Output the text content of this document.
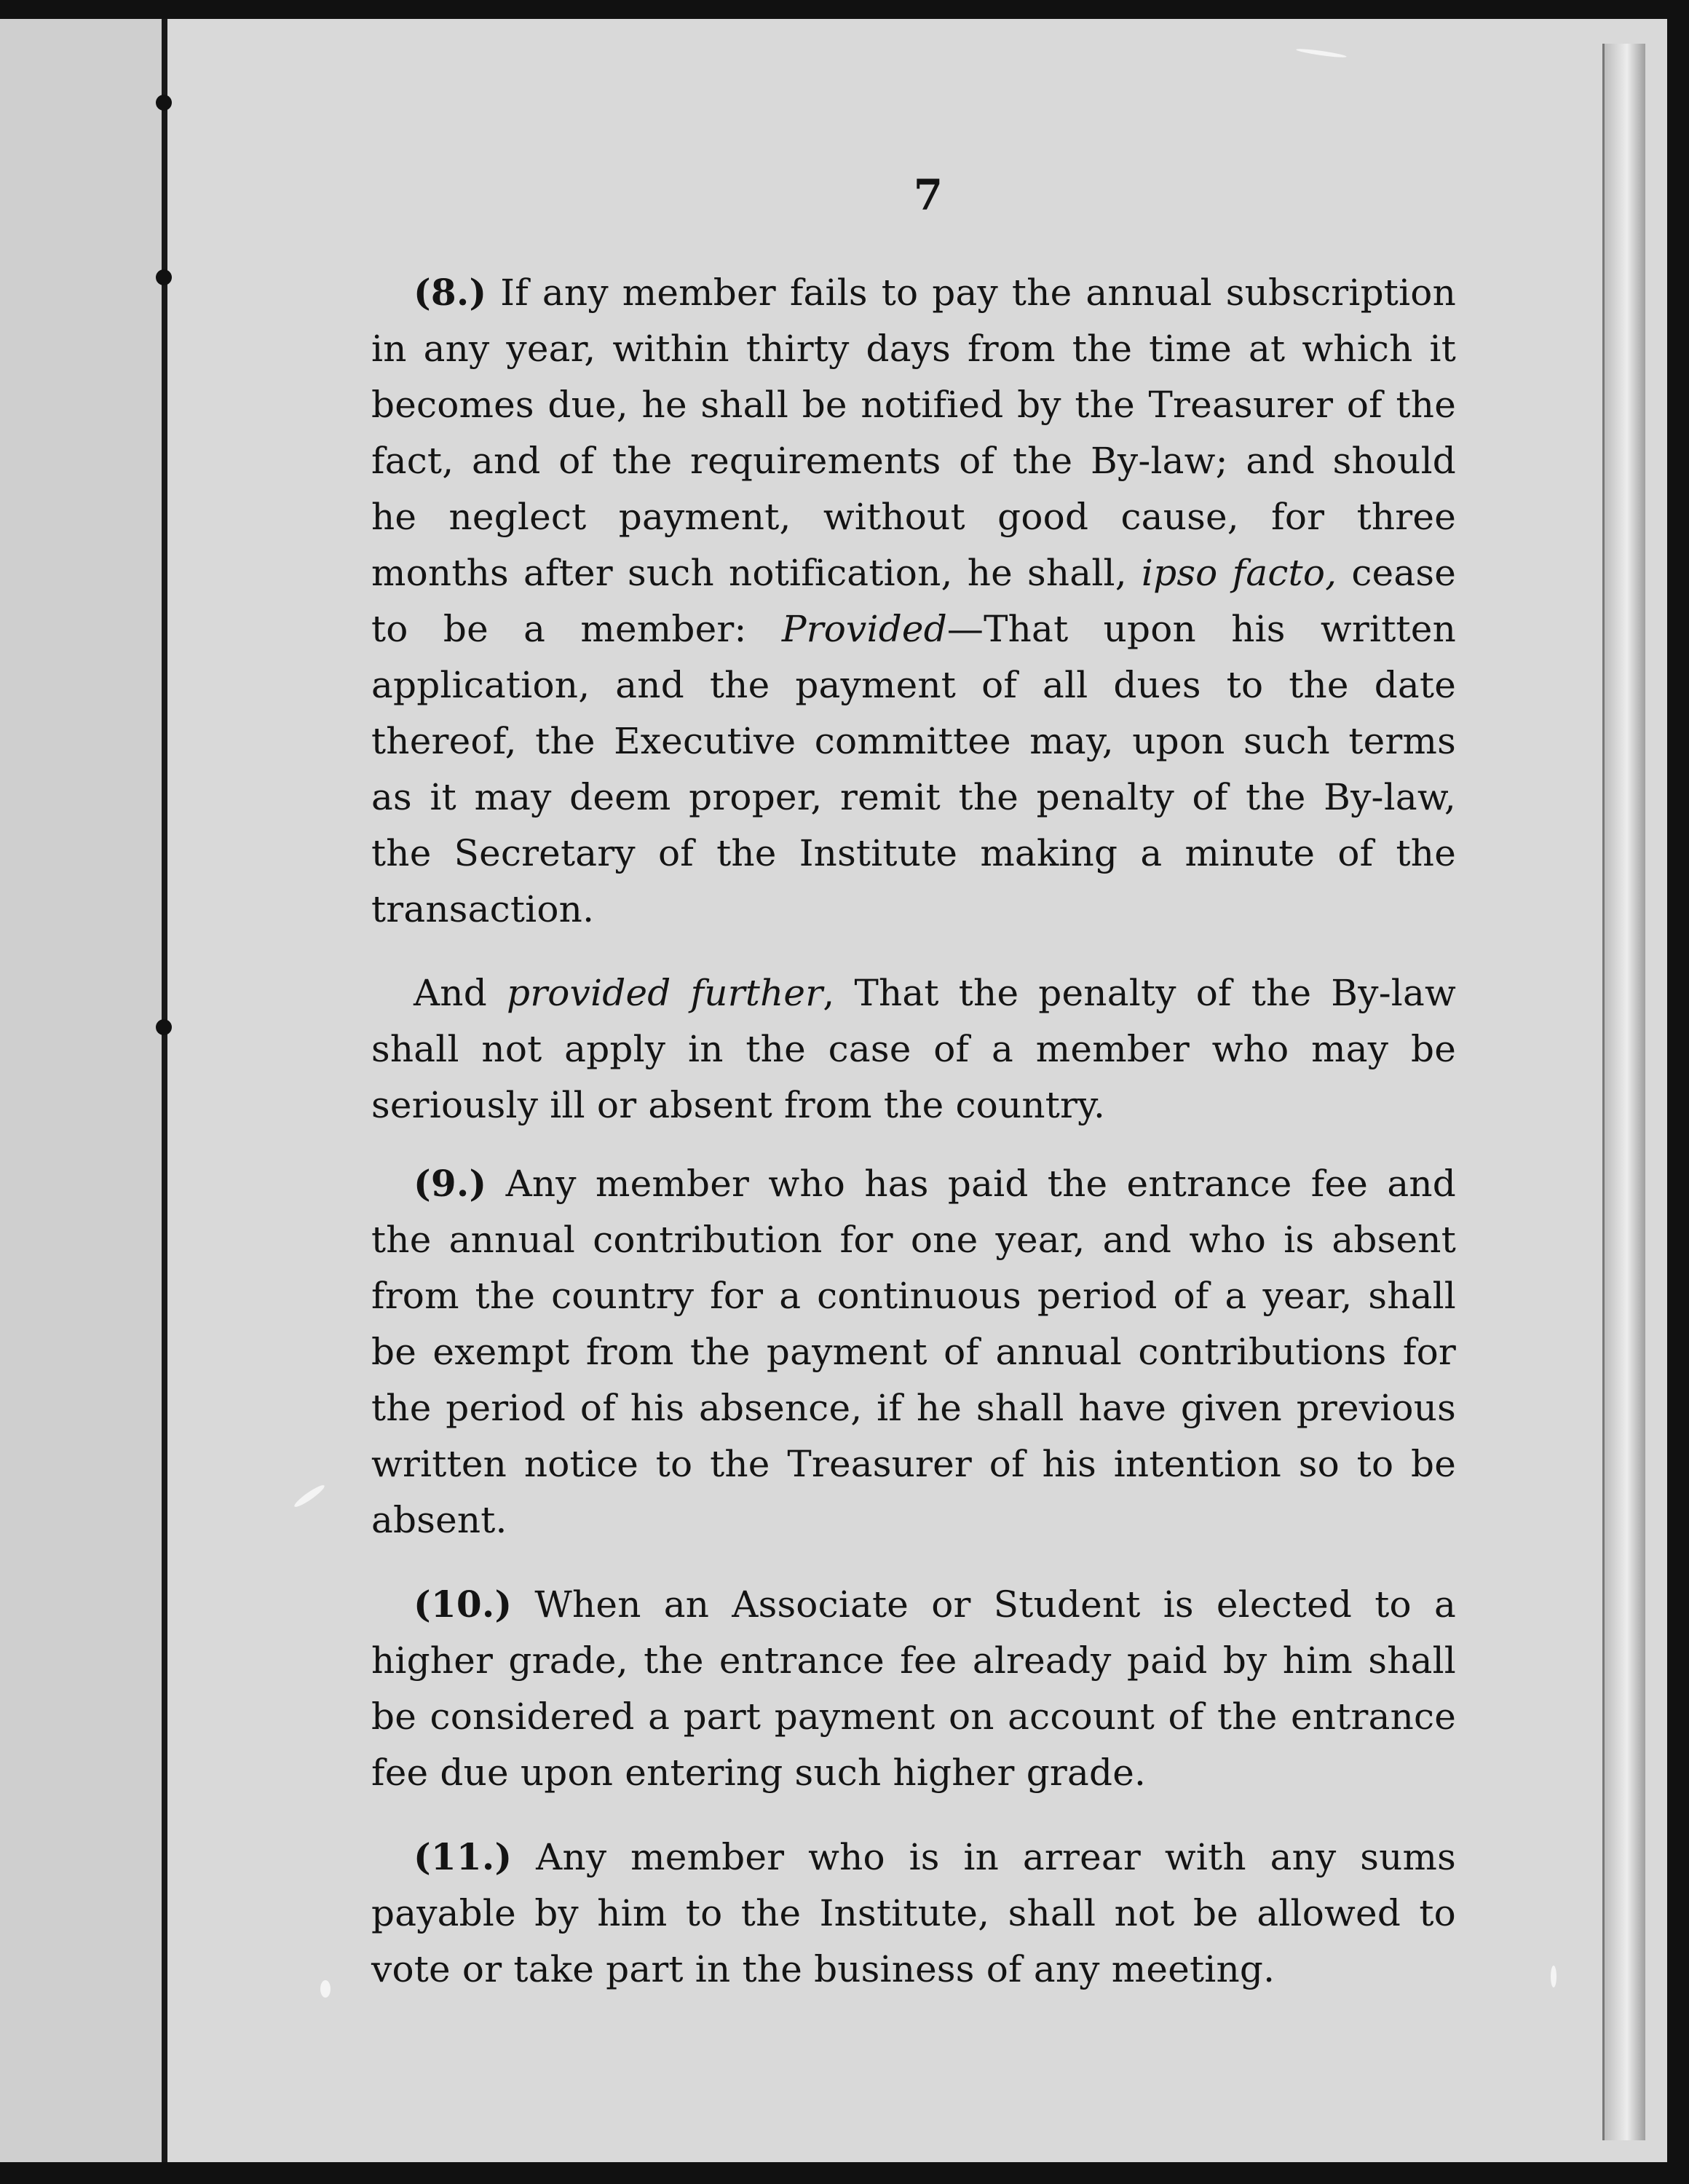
7

(8.) If any member fails to pay the annual subscription in any year, within thirty days from the time at which it becomes due, he shall be notified by the Treasurer of the fact, and of the requirements of the By-law; and should he neglect payment, without good cause, for three months after such notification, he shall, ipso facto, cease to be a member: Provided—That upon his written application, and the payment of all dues to the date thereof, the Executive committee may, upon such terms as it may deem proper, remit the penalty of the By-law, the Secretary of the Institute making a minute of the transaction.

And provided further, That the penalty of the By-law shall not apply in the case of a member who may be seriously ill or absent from the country.

(9.) Any member who has paid the entrance fee and the annual contribution for one year, and who is absent from the country for a continuous period of a year, shall be exempt from the payment of annual contributions for the period of his absence, if he shall have given previous written notice to the Treasurer of his intention so to be absent.

(10.) When an Associate or Student is elected to a higher grade, the entrance fee already paid by him shall be considered a part payment on account of the entrance fee due upon entering such higher grade.

(11.) Any member who is in arrear with any sums payable by him to the Institute, shall not be allowed to vote or take part in the business of any meeting.
